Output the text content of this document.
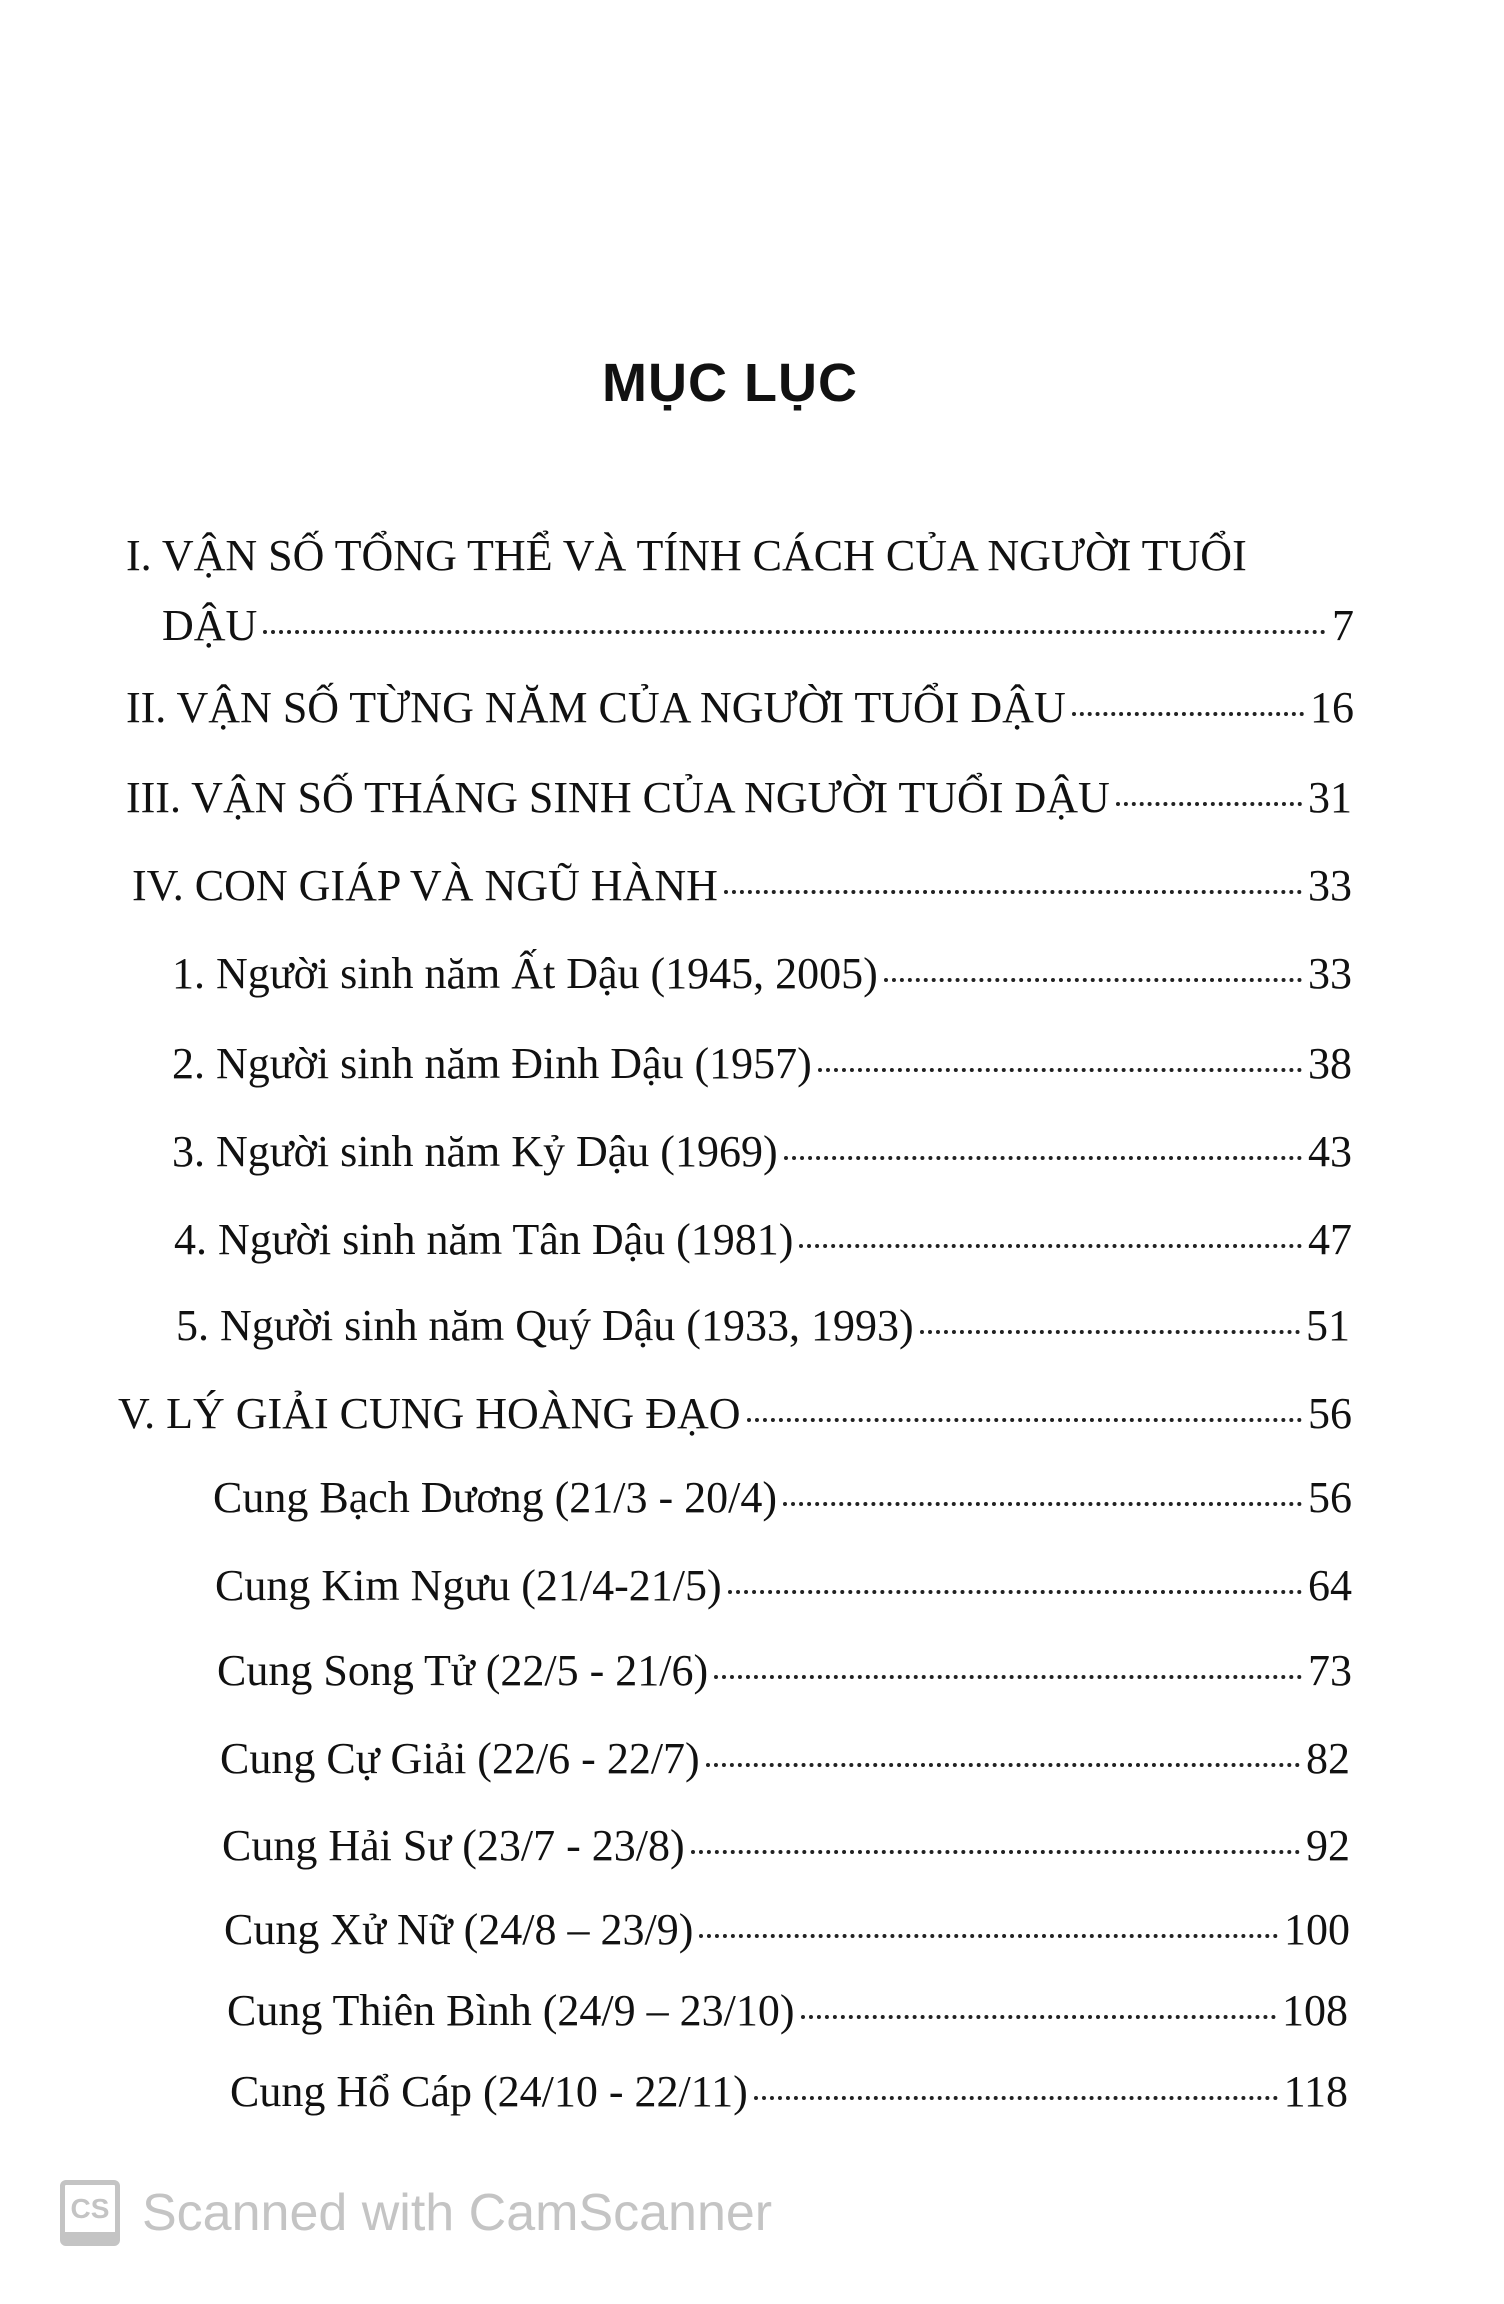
MỤC LỤC
I. VẬN SỐ TỔNG THỂ VÀ TÍNH CÁCH CỦA NGƯỜI TUỔI
DẬU	7
II. VẬN SỐ TỪNG NĂM CỦA NGƯỜI TUỔI DẬU	16
III. VẬN SỐ THÁNG SINH CỦA NGƯỜI TUỔI DẬU	31
IV. CON GIÁP VÀ NGŨ HÀNH	33
1. Người sinh năm Ất Dậu (1945, 2005)	33
2. Người sinh năm Đinh Dậu (1957)	38
3. Người sinh năm Kỷ Dậu (1969)	43
4. Người sinh năm Tân Dậu (1981)	47
5. Người sinh năm Quý Dậu (1933, 1993)	51
V. LÝ GIẢI CUNG HOÀNG ĐẠO	56
Cung Bạch Dương (21/3 - 20/4)	56
Cung Kim Ngưu (21/4-21/5)	64
Cung Song Tử (22/5 - 21/6)	73
Cung Cự Giải (22/6 - 22/7)	82
Cung Hải Sư (23/7 - 23/8)	92
Cung Xử Nữ (24/8 – 23/9)	100
Cung Thiên Bình (24/9 – 23/10)	108
Cung Hổ Cáp (24/10 - 22/11)	118
CS Scanned with CamScanner
